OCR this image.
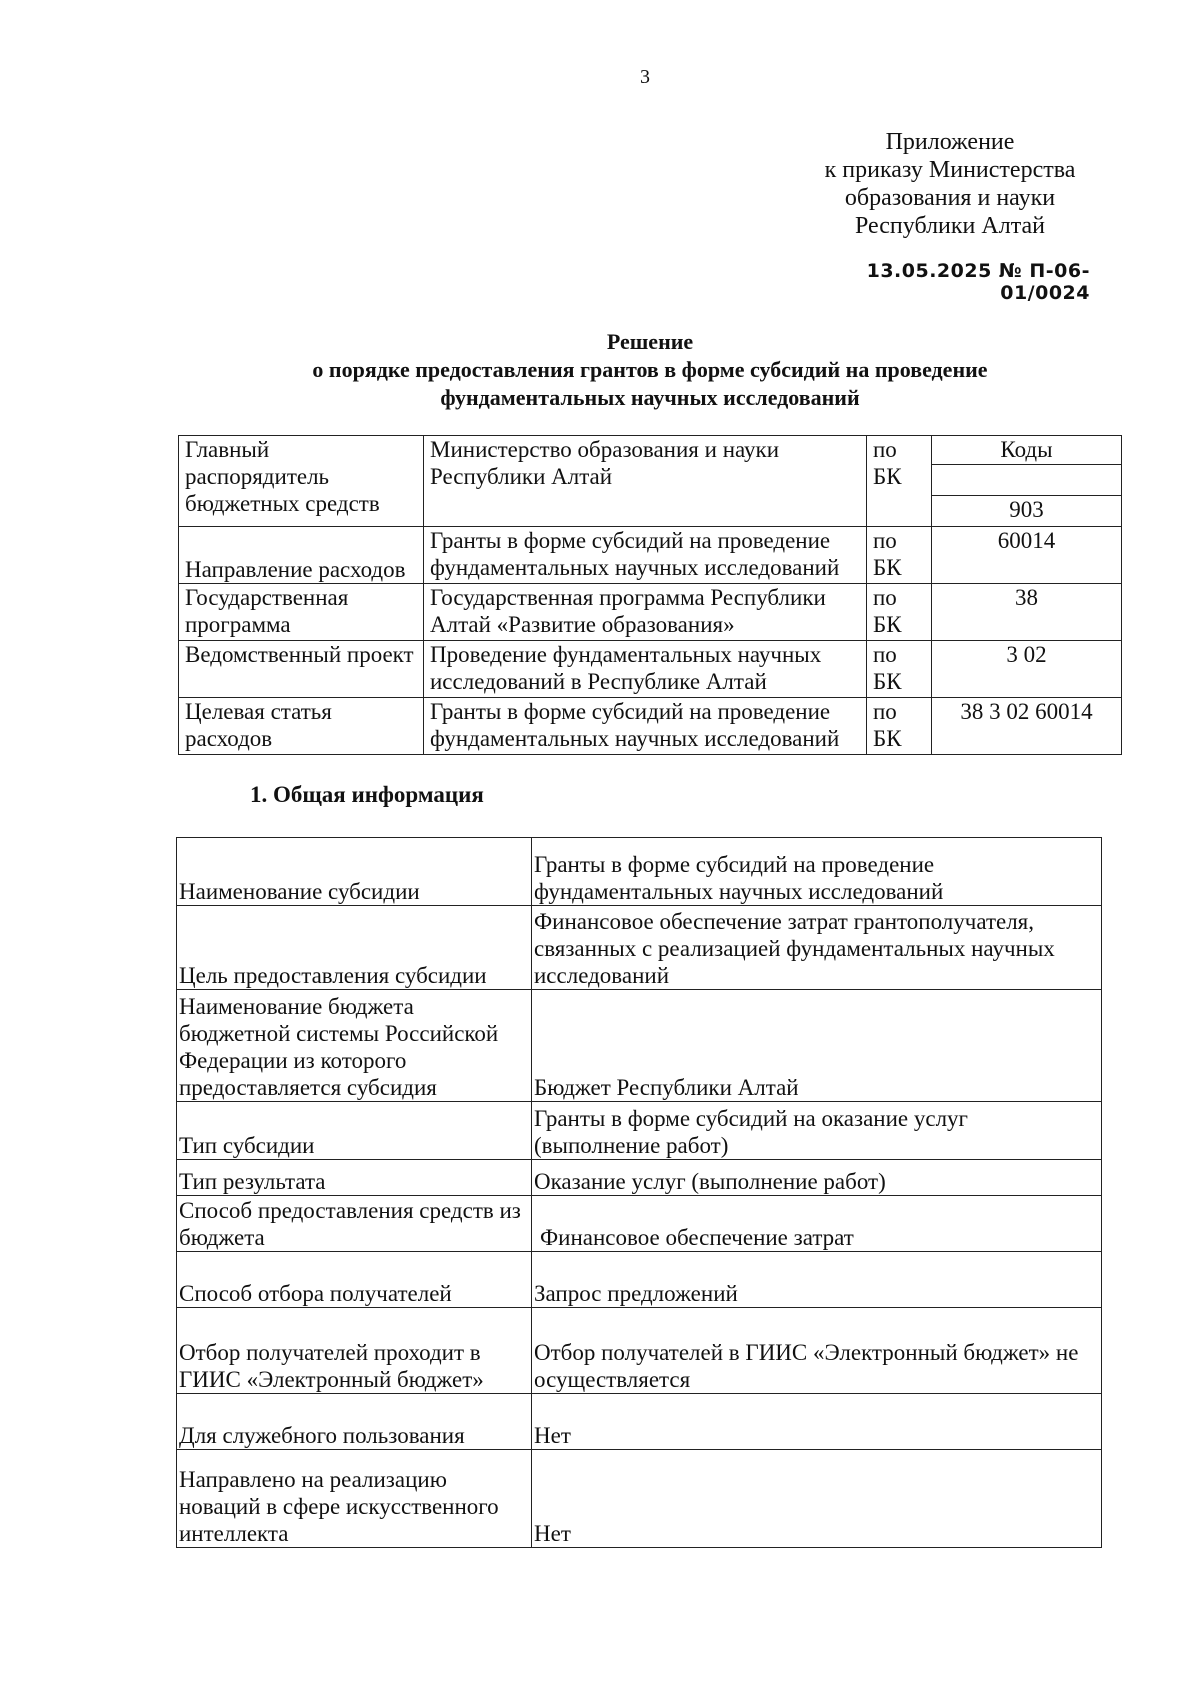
3
Приложение
к приказу Министерства
образования и науки
Республики Алтай
13.05.2025 № П-06-01/0024
Решение
о порядке предоставления грантов в форме субсидий на проведение
фундаментальных научных исследований
Главный распорядитель бюджетных средств	Министерство образования и науки Республики Алтай	по БК	Коды

			903
Направление расходов	Гранты в форме субсидий на проведение фундаментальных научных исследований	по БК	60014
Государственная программа	Государственная программа Республики Алтай «Развитие образования»	по БК	38
Ведомственный проект	Проведение фундаментальных научных исследований в Республике Алтай	по БК	3 02
Целевая статья расходов	Гранты в форме субсидий на проведение фундаментальных научных исследований	по БК	38 3 02 60014
1. Общая информация
Наименование субсидии	Гранты в форме субсидий на проведение фундаментальных научных исследований
Цель предоставления субсидии	Финансовое обеспечение затрат грантополучателя, связанных с реализацией фундаментальных научных исследований
Наименование бюджета бюджетной системы Российской Федерации из которого предоставляется субсидия	Бюджет Республики Алтай
Тип субсидии	Гранты в форме субсидий на оказание услуг (выполнение работ)
Тип результата	Оказание услуг (выполнение работ)
Способ предоставления средств из бюджета	Финансовое обеспечение затрат
Способ отбора получателей	Запрос предложений
Отбор получателей проходит в ГИИС «Электронный бюджет»	Отбор получателей в ГИИС «Электронный бюджет» не осуществляется
Для служебного пользования	Нет
Направлено на реализацию новаций в сфере искусственного интеллекта	Нет
